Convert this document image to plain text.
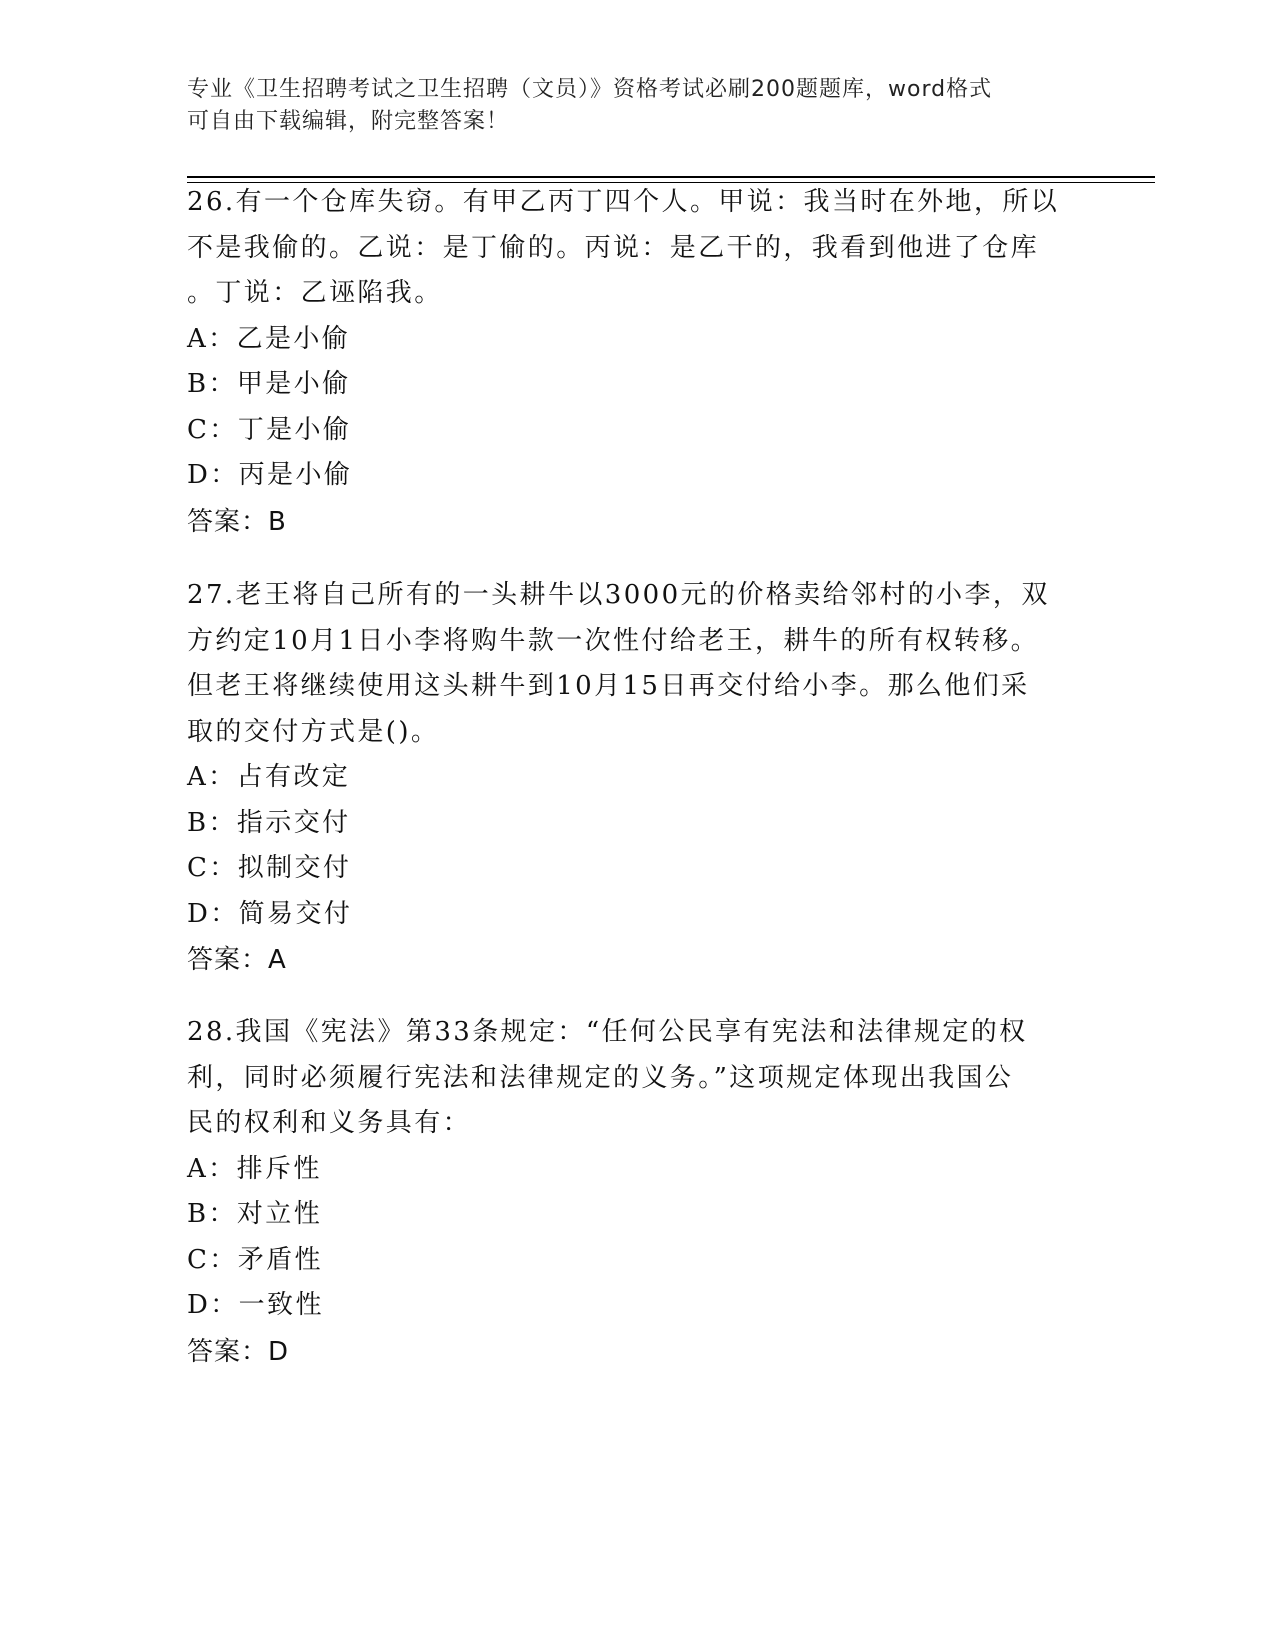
专业《卫生招聘考试之卫生招聘（文员）》资格考试必刷200题题库，word格式
可自由下载编辑，附完整答案！
26.有一个仓库失窃。有甲乙丙丁四个人。甲说：我当时在外地，所以
不是我偷的。乙说：是丁偷的。丙说：是乙干的，我看到他进了仓库
。丁说：乙诬陷我。
A：乙是小偷
B：甲是小偷
C：丁是小偷
D：丙是小偷
答案：B
27.老王将自己所有的一头耕牛以3000元的价格卖给邻村的小李，双
方约定10月1日小李将购牛款一次性付给老王，耕牛的所有权转移。
但老王将继续使用这头耕牛到10月15日再交付给小李。那么他们采
取的交付方式是()。
A：占有改定
B：指示交付
C：拟制交付
D：简易交付
答案：A
28.我国《宪法》第33条规定：“任何公民享有宪法和法律规定的权
利，同时必须履行宪法和法律规定的义务。”这项规定体现出我国公
民的权利和义务具有：
A：排斥性
B：对立性
C：矛盾性
D：一致性
答案：D
